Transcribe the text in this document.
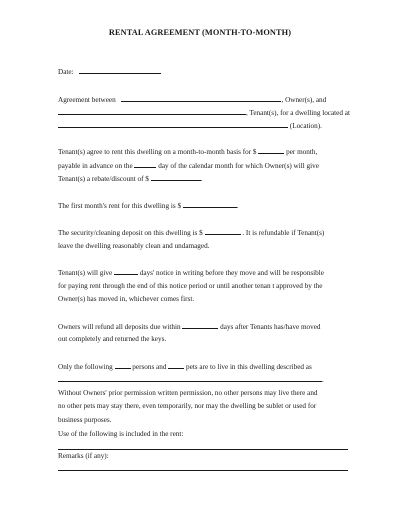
RENTAL AGREEMENT (MONTH-TO-MONTH)
Date:
Agreement between	, Owner(s), and
, Tenant(s), for a dwelling located at
(Location).
Tenant(s) agree to rent this dwelling on a month-to-month basis for $	per month,
payable in advance on the	day of the calendar month for which Owner(s) will give
Tenant(s) a rebate/discount of $	.
The first month's rent for this dwelling is $	.
The security/cleaning deposit on this dwelling is $	. It is refundable if Tenant(s)
leave the dwelling reasonably clean and undamaged.
Tenant(s) will give	days' notice in writing before they move and will be responsible
for paying rent through the end of this notice period or until another tenan t approved by the
Owner(s) has moved in, whichever comes first.
Owners will refund all deposits due within	days after Tenants has/have moved
out completely and returned the keys.
Only the following	persons and	pets are to live in this dwelling described as
.
Without Owners' prior permission written permission, no other persons may live there and
no other pets may stay there, even temporarily, nor may the dwelling be sublet or used for
business purposes.
Use of the following is included in the rent:
Remarks (if any):
